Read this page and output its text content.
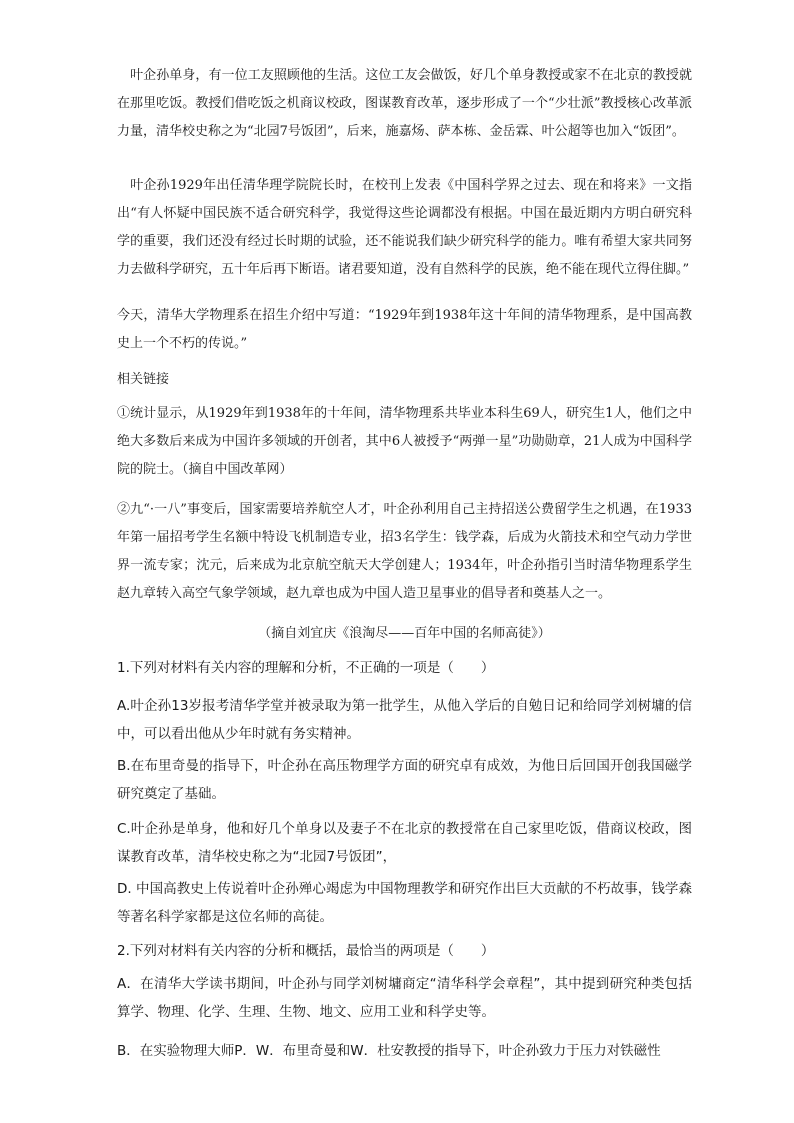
　叶企孙单身，有一位工友照顾他的生活。这位工友会做饭，好几个单身教授或家不在北京的教授就在那里吃饭。教授们借吃饭之机商议校政，图谋教育改革，逐步形成了一个“少壮派”教授核心改革派力量，清华校史称之为“北园7号饭团”，后来，施嘉炀、萨本栋、金岳霖、叶公超等也加入“饭团”。

　叶企孙1929年出任清华理学院院长时，在校刊上发表《中国科学界之过去、现在和将来》一文指出“有人怀疑中国民族不适合研究科学，我觉得这些论调都没有根据。中国在最近期内方明白研究科学的重要，我们还没有经过长时期的试验，还不能说我们缺少研究科学的能力。唯有希望大家共同努力去做科学研究，五十年后再下断语。诸君要知道，没有自然科学的民族，绝不能在现代立得住脚。”

今天，清华大学物理系在招生介绍中写道：“1929年到1938年这十年间的清华物理系，是中国高教史上一个不朽的传说。”

相关链接

①统计显示，从1929年到1938年的十年间，清华物理系共毕业本科生69人，研究生1人，他们之中绝大多数后来成为中国许多领域的开创者，其中6人被授予“两弹一星”功勋勋章，21人成为中国科学院的院士。（摘自中国改革网）

②九“·一八”事变后，国家需要培养航空人才，叶企孙利用自己主持招送公费留学生之机遇，在1933年第一届招考学生名额中特设飞机制造专业，招3名学生：钱学森，后成为火箭技术和空气动力学世界一流专家；沈元，后来成为北京航空航天大学创建人；1934年，叶企孙指引当时清华物理系学生赵九章转入高空气象学领域，赵九章也成为中国人造卫星事业的倡导者和奠基人之一。

（摘自刘宜庆《浪淘尽——百年中国的名师高徒》）

1.下列对材料有关内容的理解和分析，不正确的一项是（　　）

A.叶企孙13岁报考清华学堂并被录取为第一批学生，从他入学后的自勉日记和给同学刘树墉的信中，可以看出他从少年时就有务实精神。

B.在布里奇曼的指导下，叶企孙在高压物理学方面的研究卓有成效，为他日后回国开创我国磁学研究奠定了基础。

C.叶企孙是单身，他和好几个单身以及妻子不在北京的教授常在自己家里吃饭，借商议校政，图谋教育改革，清华校史称之为“北园7号饭团”，

D. 中国高教史上传说着叶企孙殚心竭虑为中国物理教学和研究作出巨大贡献的不朽故事，钱学森等著名科学家都是这位名师的高徒。

2.下列对材料有关内容的分析和概括，最恰当的两项是（　　）

A．在清华大学读书期间，叶企孙与同学刘树墉商定“清华科学会章程”，其中提到研究种类包括算学、物理、化学、生理、生物、地文、应用工业和科学史等。

B．在实验物理大师P．W．布里奇曼和W．杜安教授的指导下，叶企孙致力于压力对铁磁性
